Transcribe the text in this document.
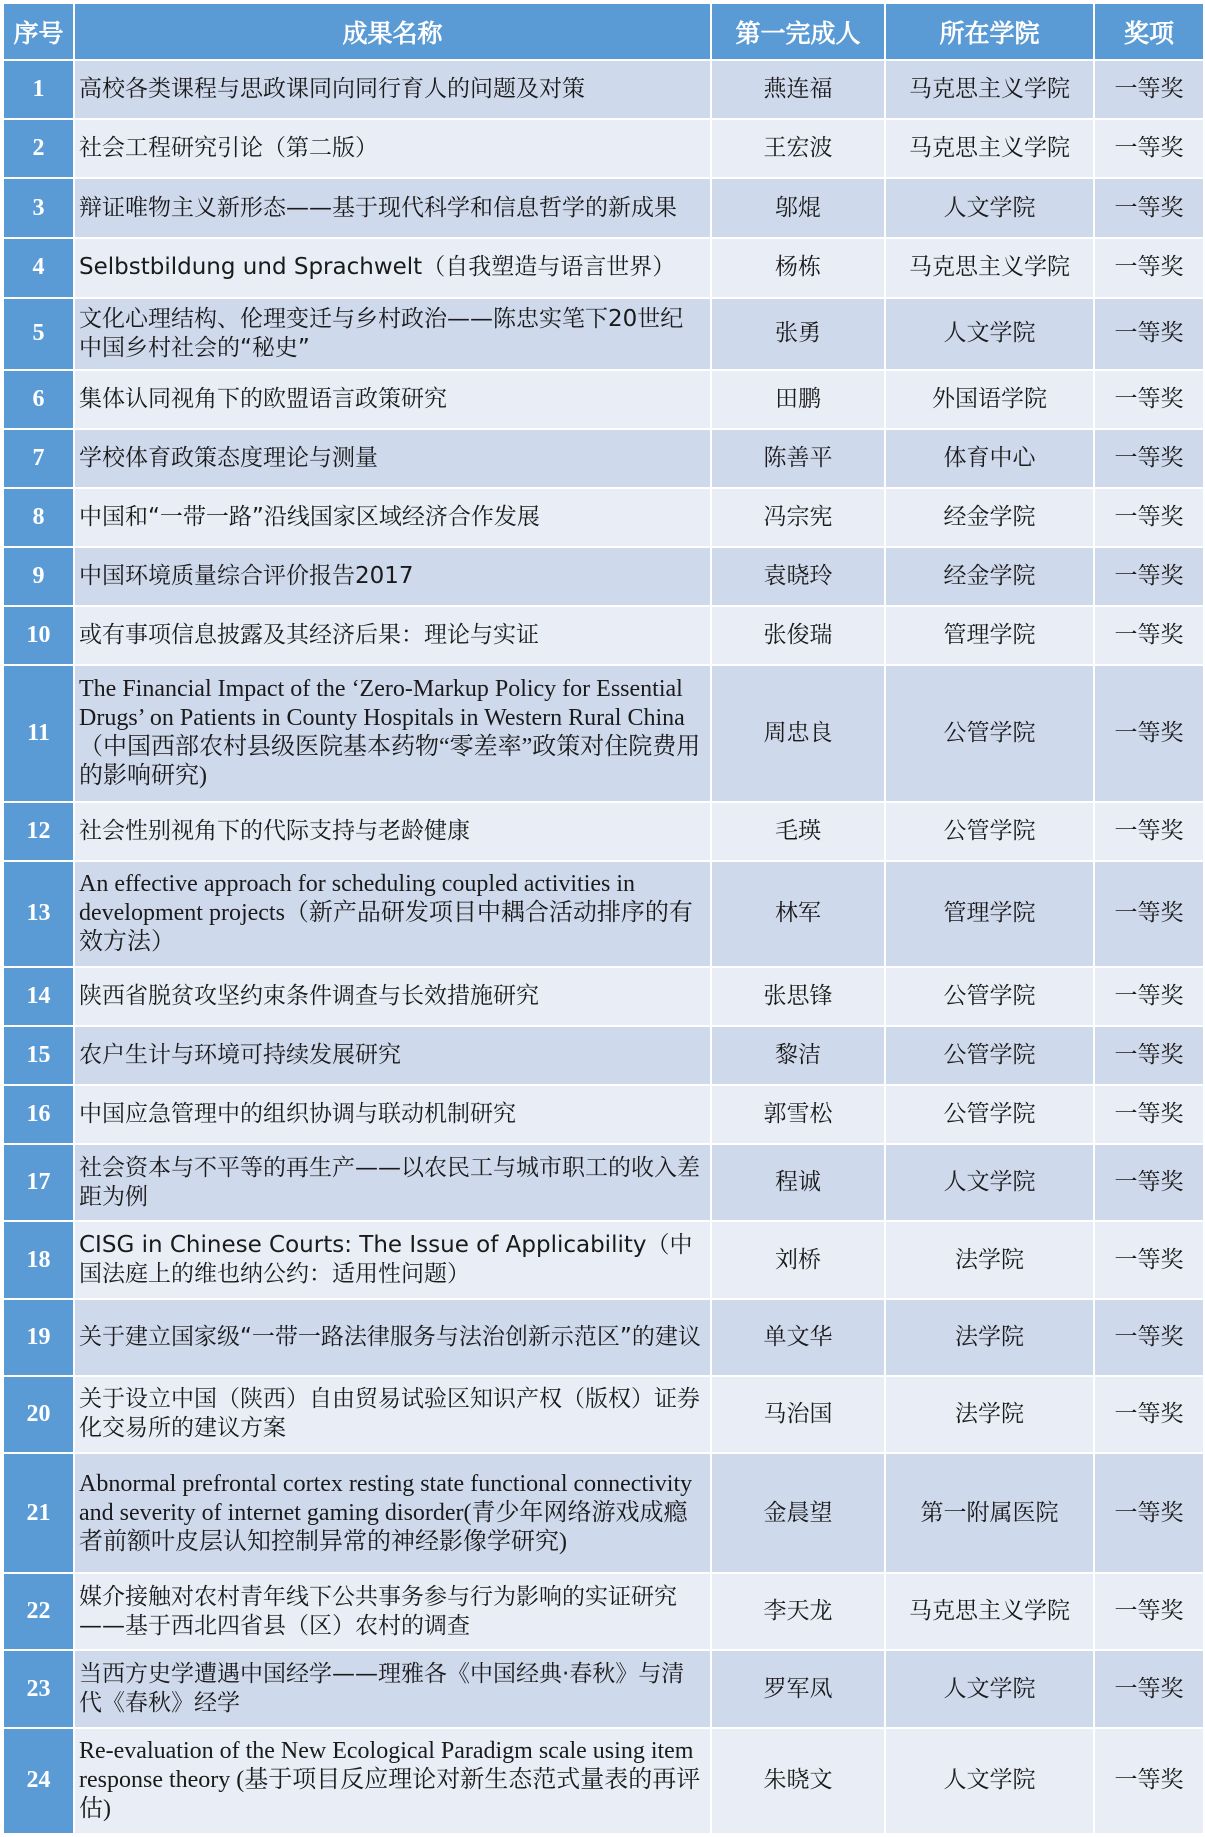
序号	成果名称	第一完成人	所在学院	奖项
1	高校各类课程与思政课同向同行育人的问题及对策	燕连福	马克思主义学院	一等奖
2	社会工程研究引论（第二版）	王宏波	马克思主义学院	一等奖
3	辩证唯物主义新形态——基于现代科学和信息哲学的新成果	邬焜	人文学院	一等奖
4	Selbstbildung und Sprachwelt（自我塑造与语言世界）	杨栋	马克思主义学院	一等奖
5	文化心理结构、伦理变迁与乡村政治——陈忠实笔下20世纪中国乡村社会的“秘史”	张勇	人文学院	一等奖
6	集体认同视角下的欧盟语言政策研究	田鹏	外国语学院	一等奖
7	学校体育政策态度理论与测量	陈善平	体育中心	一等奖
8	中国和“一带一路”沿线国家区域经济合作发展	冯宗宪	经金学院	一等奖
9	中国环境质量综合评价报告2017	袁晓玲	经金学院	一等奖
10	或有事项信息披露及其经济后果：理论与实证	张俊瑞	管理学院	一等奖
11	The Financial Impact of the ‘Zero-Markup Policy for Essential Drugs’ on Patients in County Hospitals in Western Rural China（中国西部农村县级医院基本药物“零差率”政策对住院费用的影响研究)	周忠良	公管学院	一等奖
12	社会性别视角下的代际支持与老龄健康	毛瑛	公管学院	一等奖
13	An effective approach for scheduling coupled activities in development projects（新产品研发项目中耦合活动排序的有效方法）	林军	管理学院	一等奖
14	陕西省脱贫攻坚约束条件调查与长效措施研究	张思锋	公管学院	一等奖
15	农户生计与环境可持续发展研究	黎洁	公管学院	一等奖
16	中国应急管理中的组织协调与联动机制研究	郭雪松	公管学院	一等奖
17	社会资本与不平等的再生产——以农民工与城市职工的收入差距为例	程诚	人文学院	一等奖
18	CISG in Chinese Courts: The Issue of Applicability（中国法庭上的维也纳公约：适用性问题）	刘桥	法学院	一等奖
19	关于建立国家级“一带一路法律服务与法治创新示范区”的建议	单文华	法学院	一等奖
20	关于设立中国（陕西）自由贸易试验区知识产权（版权）证券化交易所的建议方案	马治国	法学院	一等奖
21	Abnormal prefrontal cortex resting state functional connectivity and severity of internet gaming disorder(青少年网络游戏成瘾者前额叶皮层认知控制异常的神经影像学研究)	金晨望	第一附属医院	一等奖
22	媒介接触对农村青年线下公共事务参与行为影响的实证研究——基于西北四省县（区）农村的调查	李天龙	马克思主义学院	一等奖
23	当西方史学遭遇中国经学——理雅各《中国经典·春秋》与清代《春秋》经学	罗军凤	人文学院	一等奖
24	Re-evaluation of the New Ecological Paradigm scale using item response theory (基于项目反应理论对新生态范式量表的再评估)	朱晓文	人文学院	一等奖
